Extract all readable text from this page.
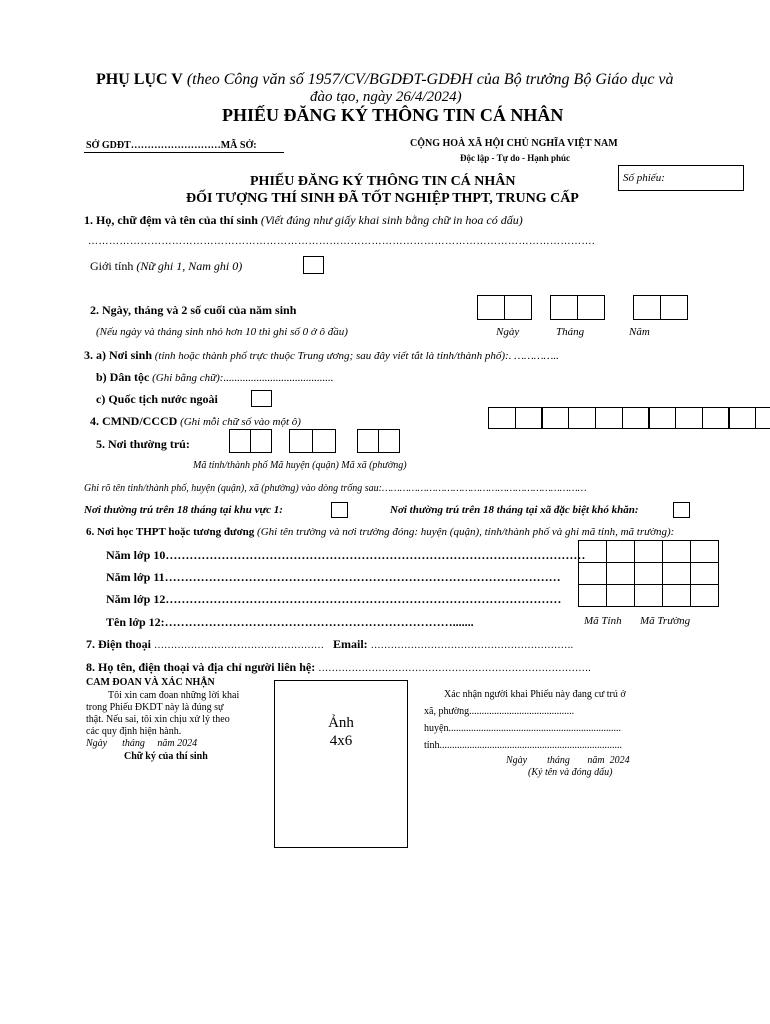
PHỤ LỤC V (theo Công văn số 1957/CV/BGDĐT-GDĐH của Bộ trưởng Bộ Giáo dục và
đào tạo, ngày 26/4/2024)
PHIẾU ĐĂNG KÝ THÔNG TIN CÁ NHÂN
SỞ GDĐT………………………MÃ SỞ:	CỘNG HOÀ XÃ HỘI CHỦ NGHĨA VIỆT NAM
Độc lập - Tự do - Hạnh phúc
Số phiếu:
PHIẾU ĐĂNG KÝ THÔNG TIN CÁ NHÂN
ĐỐI TƯỢNG THÍ SINH ĐÃ TỐT NGHIỆP THPT, TRUNG CẤP
1. Họ, chữ đệm và tên của thí sinh (Viết đúng như giấy khai sinh bằng chữ in hoa có dấu)
……………………………………………………………………………………………………………………………….
Giới tính (Nữ ghi 1, Nam ghi 0)
2. Ngày, tháng và 2 số cuối của năm sinh
(Nếu ngày và tháng sinh nhỏ hơn 10 thì ghi số 0 ở ô đầu)	Ngày	Tháng	Năm
3. a) Nơi sinh (tỉnh hoặc thành phố trực thuộc Trung ương; sau đây viết tắt là tỉnh/thành phố):. …………..
b) Dân tộc (Ghi bằng chữ):........................................
c) Quốc tịch nước ngoài
4. CMND/CCCD (Ghi mỗi chữ số vào một ô)
5. Nơi thường trú:
Mã tỉnh/thành phố Mã huyện (quận) Mã xã (phường)
Ghi rõ tên tỉnh/thành phố, huyện (quận), xã (phường) vào dòng trống sau:……………………………………………………………
Nơi thường trú trên 18 tháng tại khu vực 1:	Nơi thường trú trên 18 tháng tại xã đặc biệt khó khăn:
6. Nơi học THPT hoặc tương đương (Ghi tên trường và nơi trường đóng: huyện (quận), tỉnh/thành phố và ghi mã tỉnh, mã trường):
Năm lớp 10……………………………………………………………………………………………
Năm lớp 11………………………………………………………………………………………
Năm lớp 12………………………………………………………………………………………
Tên lớp 12:……………………………………………………………….......	Mã Tỉnh Mã Trường
7. Điện thoại …………………………………………… Email: …………………………………………………….
8. Họ tên, điện thoại và địa chỉ người liên hệ: ……………………………………………………………………….
CAM ĐOAN VÀ XÁC NHẬN
Tôi xin cam đoan những lời khai
trong Phiếu ĐKDT này là đúng sự
thật. Nếu sai, tôi xin chịu xử lý theo
các quy định hiện hành.
Ngày      tháng     năm 2024
Chữ ký của thí sinh
Ảnh
4x6
Xác nhận người khai Phiếu này đang cư trú ở
xã, phường..........................................
huyện.....................................................................
tỉnh.........................................................................
Ngày        tháng       năm  2024
(Ký tên và đóng dấu)
